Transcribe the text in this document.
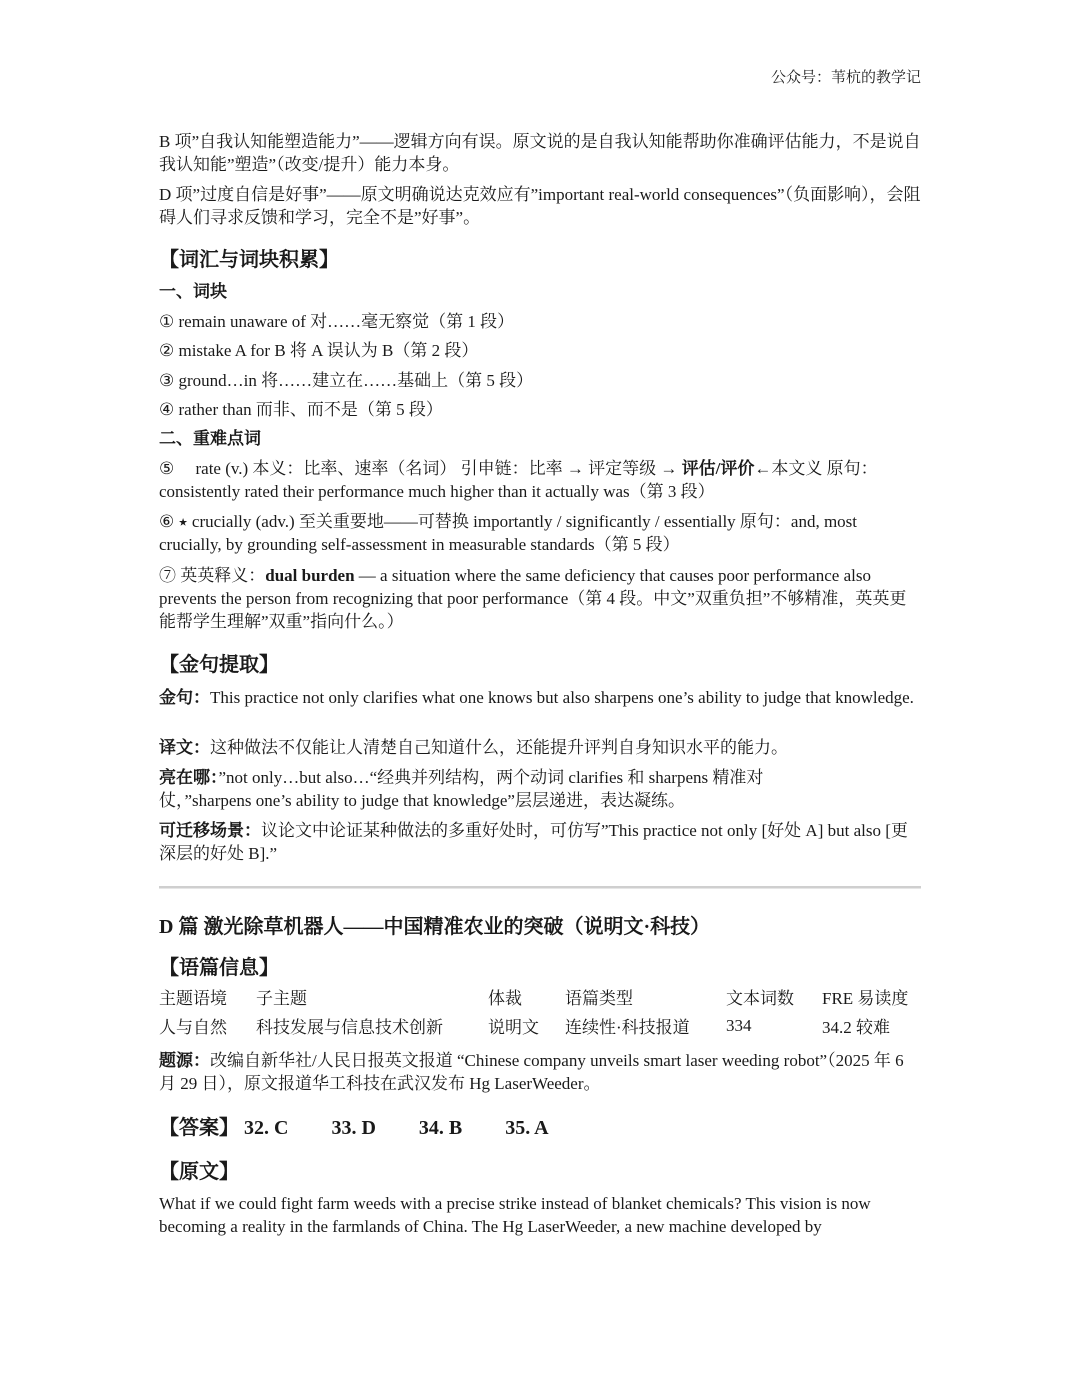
公众号：苇杭的教学记

B 项”自我认知能塑造能力”——逻辑方向有误。原文说的是自我认知能帮助你准确评估能力，不是说自我认知能”塑造”（改变/提升）能力本身。

D 项”过度自信是好事”——原文明确说达克效应有”important real-world consequences”（负面影响），会阻碍人们寻求反馈和学习，完全不是”好事”。

【词汇与词块积累】
一、词块

① remain unaware of 对……毫无察觉（第 1 段）

② mistake A for B 将 A 误认为 B（第 2 段）

③ ground…in 将……建立在……基础上（第 5 段）

④ rather than 而非、而不是（第 5 段）

二、重难点词

⑤　 rate (v.) 本义：比率、速率（名词） 引申链：比率 → 评定等级 → 评估/评价←本文义 原句：consistently rated their performance much higher than it actually was（第 3 段）

⑥ ⭑ crucially (adv.) 至关重要地——可替换 importantly / significantly / essentially 原句：and, most crucially, by grounding self-assessment in measurable standards（第 5 段）

⑦ 英英释义：dual burden — a situation where the same deficiency that causes poor performance also prevents the person from recognizing that poor performance（第 4 段。中文”双重负担”不够精准，英英更能帮学生理解”双重”指向什么。）

【金句提取】

金句：This practice not only clarifies what one knows but also sharpens one’s ability to judge that knowledge.

译文：这种做法不仅能让人清楚自己知道什么，还能提升评判自身知识水平的能力。

亮在哪：”not only…but also…“经典并列结构，两个动词 clarifies 和 sharpens 精准对仗，”sharpens one’s ability to judge that knowledge”层层递进，表达凝练。

可迁移场景：议论文中论证某种做法的多重好处时，可仿写”This practice not only [好处 A] but also [更深层的好处 B].”

D 篇 激光除草机器人——中国精准农业的突破（说明文·科技）
【语篇信息】
主题语境	子主题	体裁	语篇类型	文本词数	FRE 易读度
人与自然	科技发展与信息技术创新	说明文	连续性·科技报道	334	34.2 较难

题源：改编自新华社/人民日报英文报道 “Chinese company unveils smart laser weeding robot”（2025 年 6 月 29 日），原文报道华工科技在武汉发布 Hg LaserWeeder。

【答案】 32. C 33. D 34. B 35. A
【原文】

What if we could fight farm weeds with a precise strike instead of blanket chemicals? This vision is now becoming a reality in the farmlands of China. The Hg LaserWeeder, a new machine developed by
